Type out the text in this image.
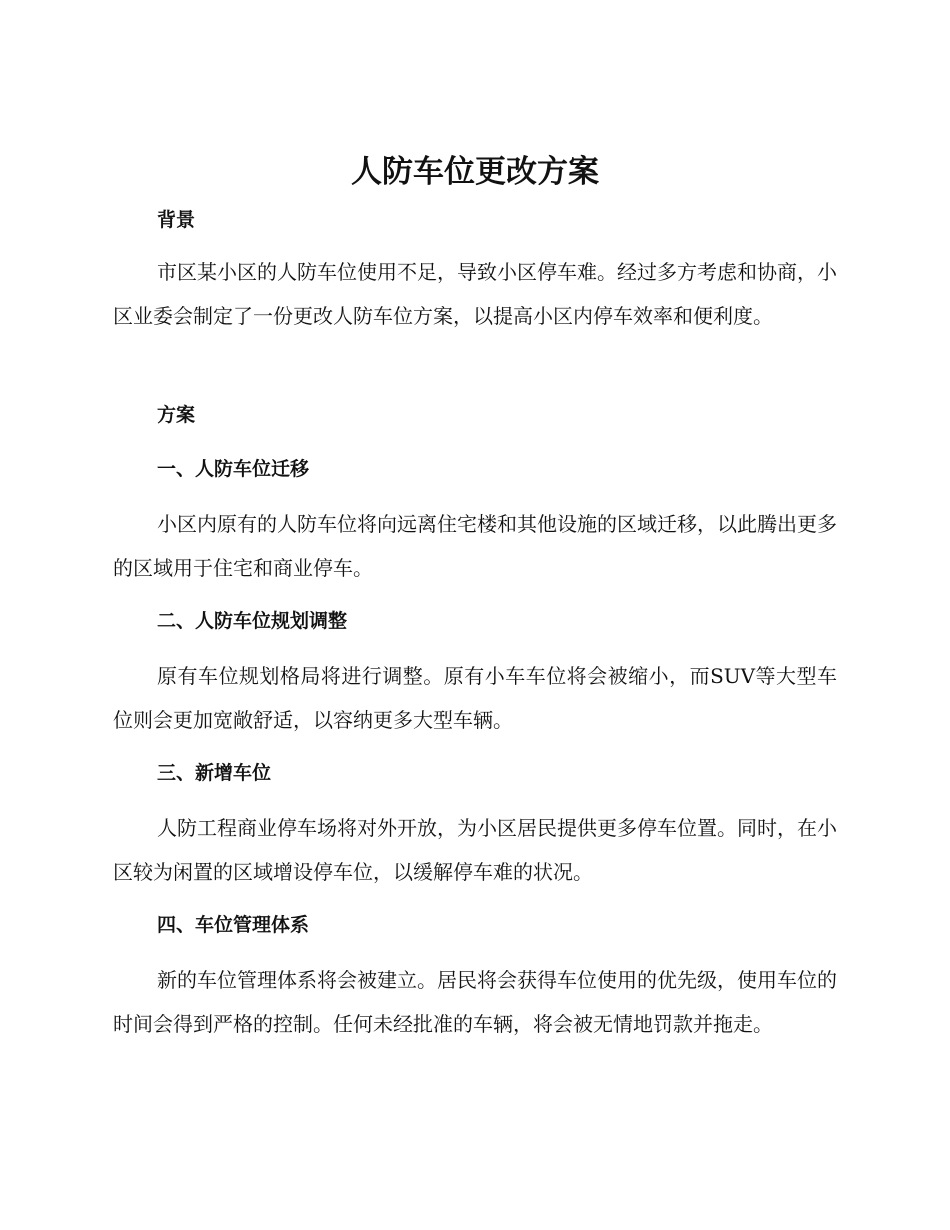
人防车位更改方案
背景

市区某小区的人防车位使用不足，导致小区停车难。经过多方考虑和协商，小区业委会制定了一份更改人防车位方案，以提高小区内停车效率和便利度。

方案
一、人防车位迁移

小区内原有的人防车位将向远离住宅楼和其他设施的区域迁移，以此腾出更多的区域用于住宅和商业停车。

二、人防车位规划调整

原有车位规划格局将进行调整。原有小车车位将会被缩小，而SUV等大型车位则会更加宽敞舒适，以容纳更多大型车辆。

三、新增车位

人防工程商业停车场将对外开放，为小区居民提供更多停车位置。同时，在小区较为闲置的区域增设停车位，以缓解停车难的状况。

四、车位管理体系

新的车位管理体系将会被建立。居民将会获得车位使用的优先级，使用车位的时间会得到严格的控制。任何未经批准的车辆，将会被无情地罚款并拖走。
